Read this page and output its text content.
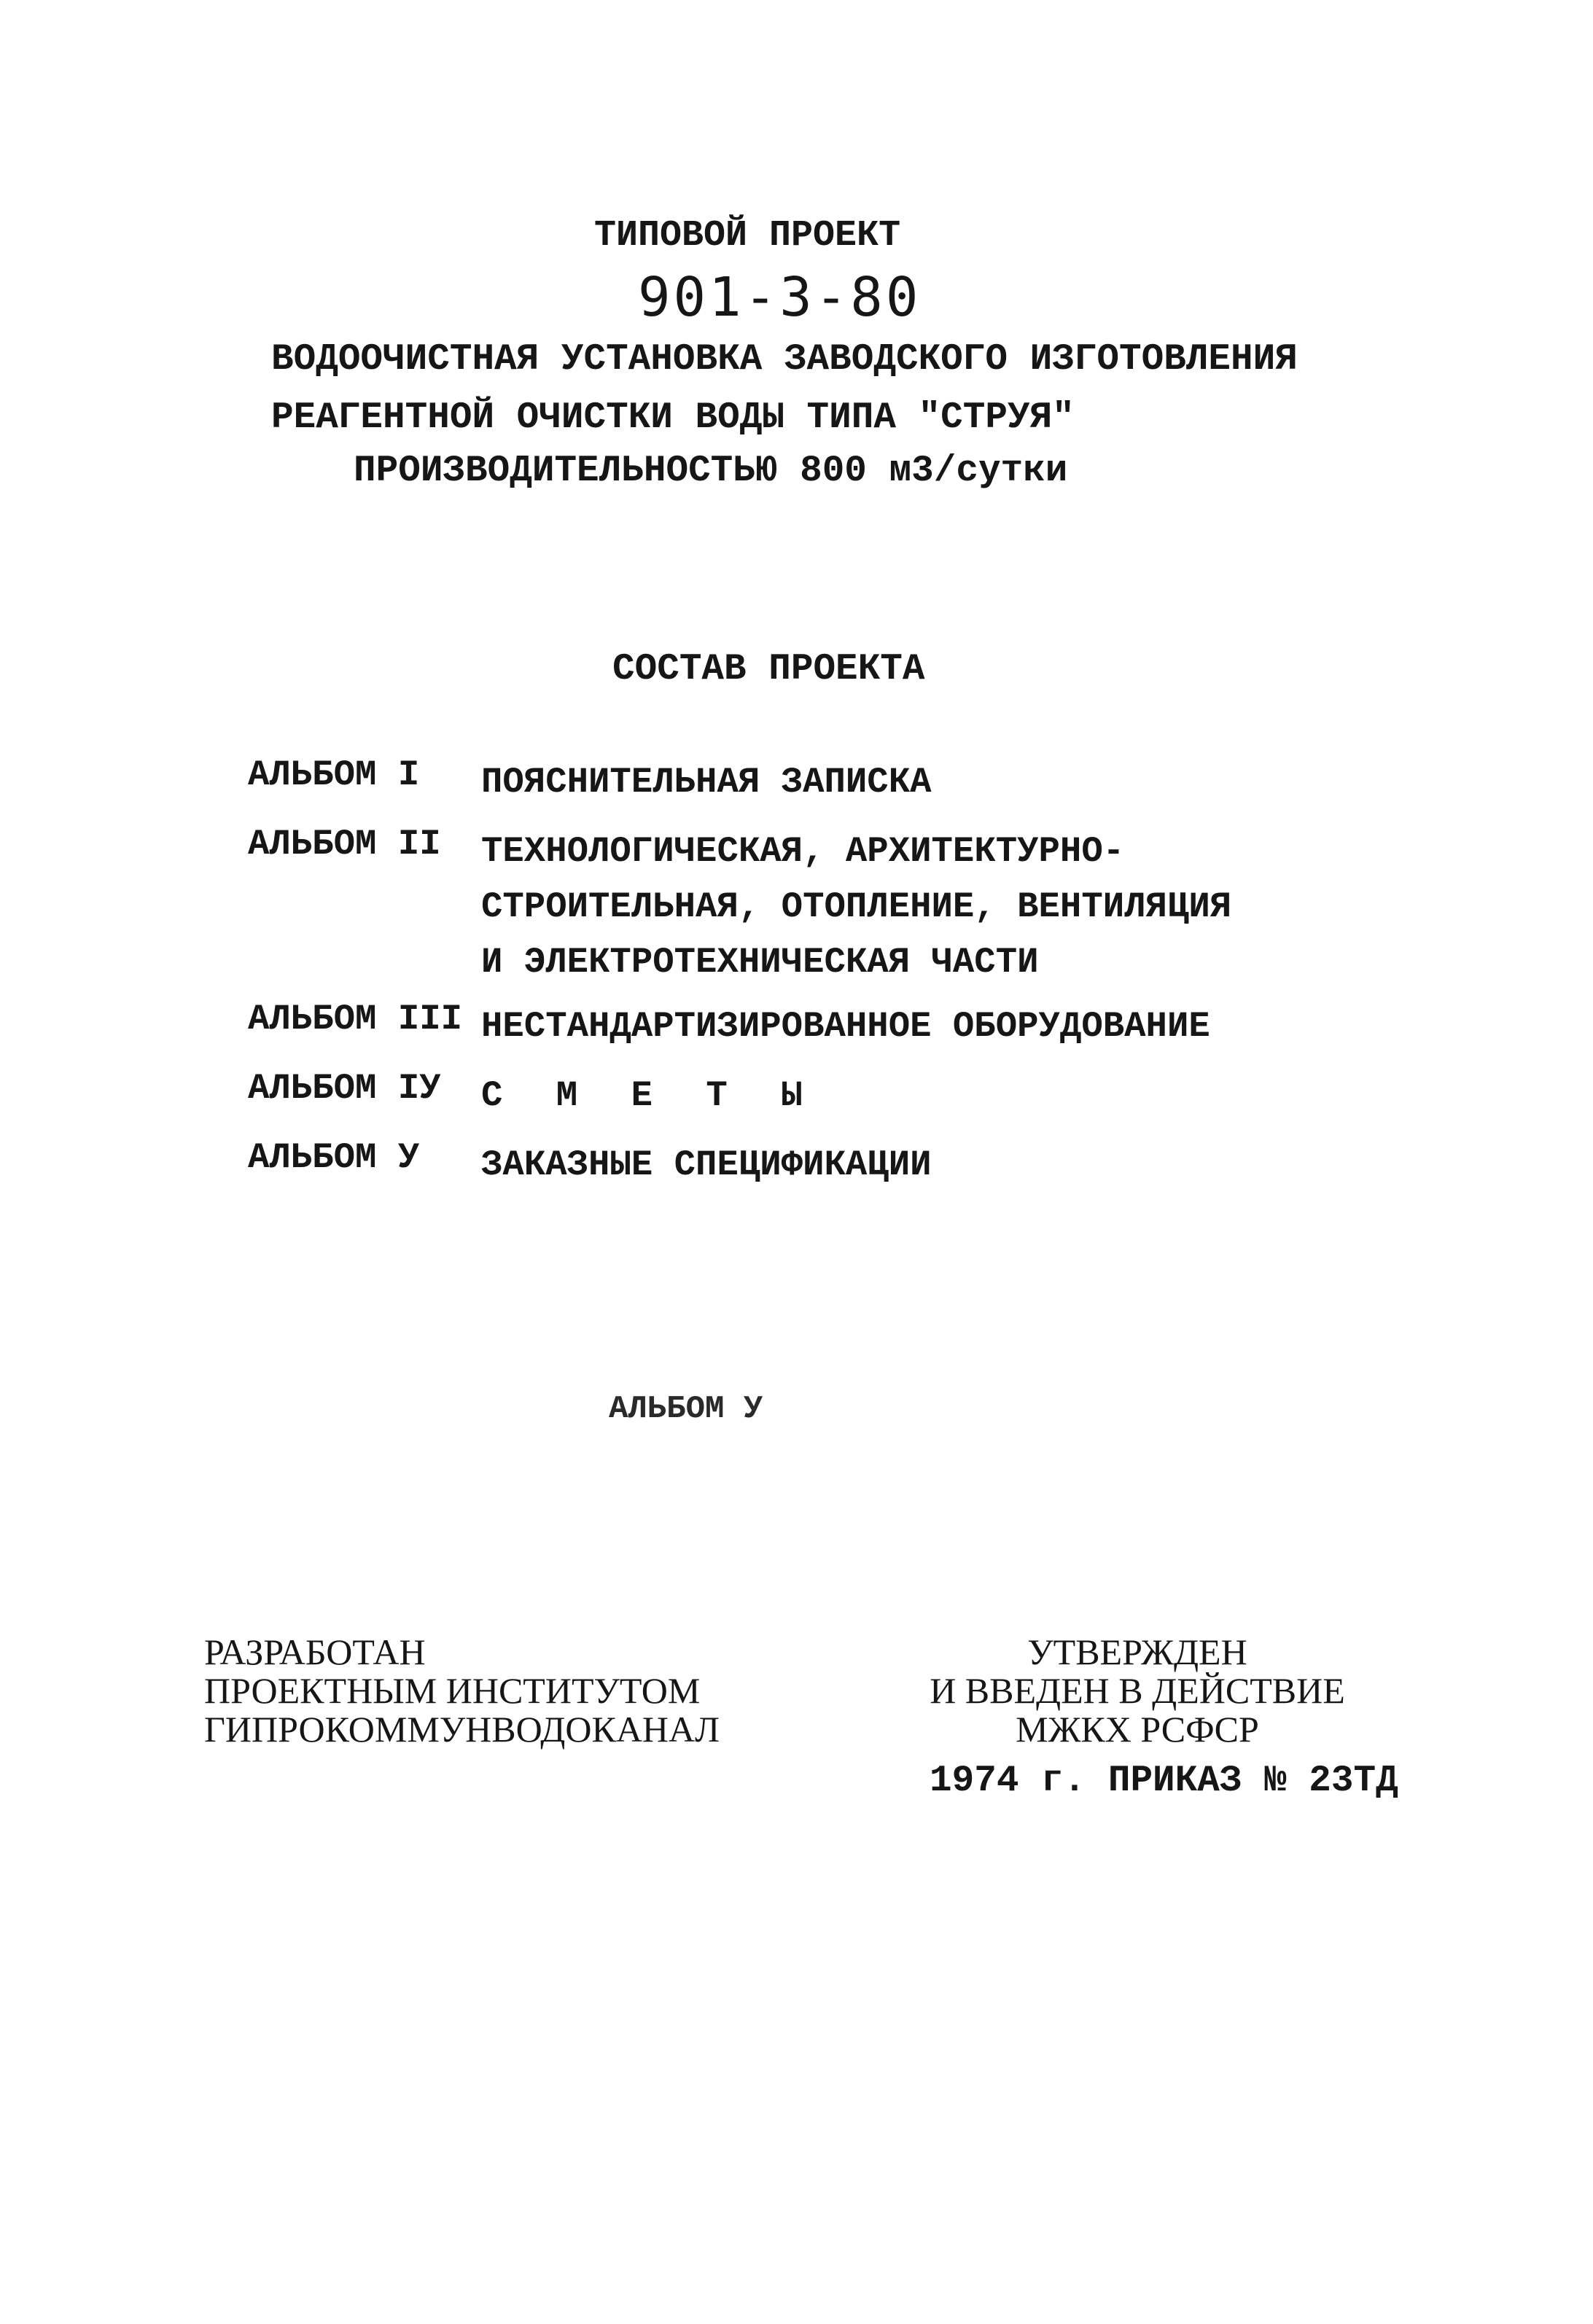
ТИПОВОЙ ПРОЕКТ
901-3-80
ВОДООЧИСТНАЯ УСТАНОВКА ЗАВОДСКОГО ИЗГОТОВЛЕНИЯ
РЕАГЕНТНОЙ ОЧИСТКИ ВОДЫ ТИПА "СТРУЯ"
ПРОИЗВОДИТЕЛЬНОСТЬЮ 800 м3/сутки
СОСТАВ ПРОЕКТА
АЛЬБОМ I ПОЯСНИТЕЛЬНАЯ ЗАПИСКА
АЛЬБОМ II ТЕХНОЛОГИЧЕСКАЯ, АРХИТЕКТУРНО-
СТРОИТЕЛЬНАЯ, ОТОПЛЕНИЕ, ВЕНТИЛЯЦИЯ
И ЭЛЕКТРОТЕХНИЧЕСКАЯ ЧАСТИ
АЛЬБОМ III НЕСТАНДАРТИЗИРОВАННОЕ ОБОРУДОВАНИЕ
АЛЬБОМ IУ С М Е Т Ы
АЛЬБОМ У ЗАКАЗНЫЕ СПЕЦИФИКАЦИИ
АЛЬБОМ У
РАЗРАБОТАН
ПРОЕКТНЫМ ИНСТИТУТОМ
ГИПРОКОММУНВОДОКАНАЛ
УТВЕРЖДЕН
И ВВЕДЕН В ДЕЙСТВИЕ
МЖКХ РСФСР
1974 г. ПРИКАЗ № 23ТД
